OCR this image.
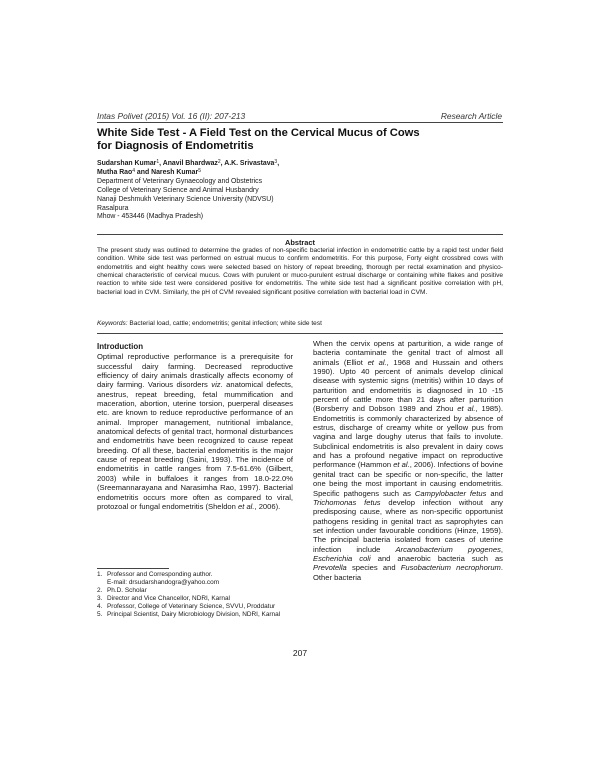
Intas Polivet (2015) Vol. 16 (II): 207-213	Research Article
White Side Test - A Field Test on the Cervical Mucus of Cows
for Diagnosis of Endometritis
Sudarshan Kumar$^1$, Anavil Bhardwaz$^2$, A.K. Srivastava$^3$,
Mutha Rao$^4$ and Naresh Kumar$^5$
Department of Veterinary Gynaecology and Obstetrics
College of Veterinary Science and Animal Husbandry
Nanaji Deshmukh Veterinary Science University (NDVSU)
Rasalpura
Mhow - 453446 (Madhya Pradesh)
Abstract
The present study was outlined to determine the grades of non-specific bacterial infection in endometritic cattle by a rapid test under field condition. White side test was performed on estrual mucus to confirm endometritis. For this purpose, Forty eight crossbred cows with endometritis and eight healthy cows were selected based on history of repeat breeding, thorough per rectal examination and physico-chemical characteristic of cervical mucus. Cows with purulent or muco-purulent estrual discharge or containing white flakes and positive reaction to white side test were considered positive for endometritis. The white side test had a significant positive correlation with pH, bacterial load in CVM. Similarly, the pH of CVM revealed significant positive correlation with bacterial load in CVM.
Keywords: Bacterial load, cattle; endometritis; genital infection; white side test
Introduction

Optimal reproductive performance is a prerequisite for successful dairy farming. Decreased reproductive efficiency of dairy animals drastically affects economy of dairy farming. Various disorders viz. anatomical defects, anestrus, repeat breeding, fetal mummification and maceration, abortion, uterine torsion, puerperal diseases etc. are known to reduce reproductive performance of an animal. Improper management, nutritional imbalance, anatomical defects of genital tract, hormonal disturbances and endometritis have been recognized to cause repeat breeding. Of all these, bacterial endometritis is the major cause of repeat breeding (Saini, 1993). The incidence of endometritis in cattle ranges from 7.5-61.6% (Gilbert, 2003) while in buffaloes it ranges from 18.0-22.0% (Sreemannarayana and Narasimha Rao, 1997). Bacterial endometritis occurs more often as compared to viral, protozoal or fungal endometritis (Sheldon et al., 2006).

1. Professor and Corresponding author.
E-mail: drsudarshandogra@yahoo.com
2. Ph.D. Scholar
3. Director and Vice Chancellor, NDRI, Karnal
4. Professor, College of Veterinary Science, SVVU, Proddatur
5. Principal Scientist, Dairy Microbiology Division, NDRI, Karnal

When the cervix opens at parturition, a wide range of bacteria contaminate the genital tract of almost all animals (Elliot et al., 1968 and Hussain and others 1990). Upto 40 percent of animals develop clinical disease with systemic signs (metritis) within 10 days of parturition and endometritis is diagnosed in 10 -15 percent of cattle more than 21 days after parturition (Borsberry and Dobson 1989 and Zhou et al., 1985). Endometritis is commonly characterized by absence of estrus, discharge of creamy white or yellow pus from vagina and large doughy uterus that fails to involute. Subclinical endometritis is also prevalent in dairy cows and has a profound negative impact on reproductive performance (Hammon et al., 2006). Infections of bovine genital tract can be specific or non-specific, the latter one being the most important in causing endometritis. Specific pathogens such as Campylobacter fetus and Trichomonas fetus develop infection without any predisposing cause, where as non-specific opportunist pathogens residing in genital tract as saprophytes can set infection under favourable conditions (Hinze, 1959). The principal bacteria isolated from cases of uterine infection include Arcanobacterium pyogenes, Escherichia coli and anaerobic bacteria such as Prevotella species and Fusobacterium necrophorum. Other bacteria

207
